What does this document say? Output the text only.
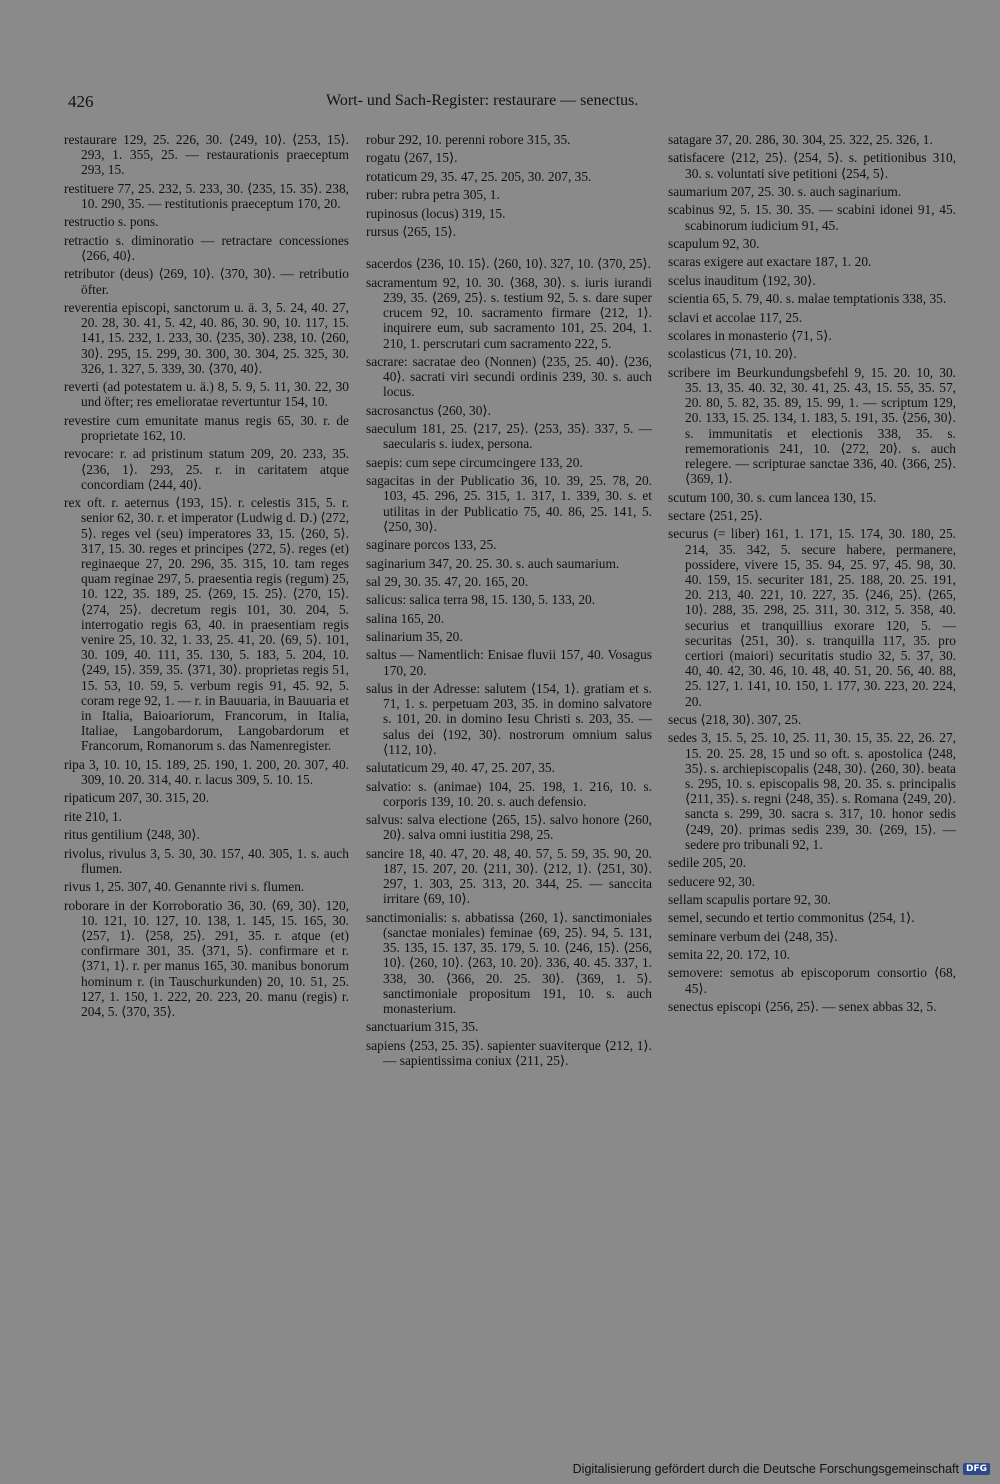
426	Wort- und Sach-Register: restaurare — senectus.
restaurare 129, 25. 226, 30. ⟨249, 10⟩. ⟨253, 15⟩. 293, 1. 355, 25. — restaurationis praeceptum 293, 15.
restituere 77, 25. 232, 5. 233, 30. ⟨235, 15. 35⟩. 238, 10. 290, 35. — restitutionis praeceptum 170, 20.
restructio s. pons.
retractio s. diminoratio — retractare concessiones ⟨266, 40⟩.
retributor (deus) ⟨269, 10⟩. ⟨370, 30⟩. — retributio öfter.
reverentia episcopi, sanctorum u. ä. 3, 5. 24, 40. 27, 20. 28, 30. 41, 5. 42, 40. 86, 30. 90, 10. 117, 15. 141, 15. 232, 1. 233, 30. ⟨235, 30⟩. 238, 10. ⟨260, 30⟩. 295, 15. 299, 30. 300, 30. 304, 25. 325, 30. 326, 1. 327, 5. 339, 30. ⟨370, 40⟩.
reverti (ad potestatem u. ä.) 8, 5. 9, 5. 11, 30. 22, 30 und öfter; res emelioratae revertuntur 154, 10.
revestire cum emunitate manus regis 65, 30. r. de proprietate 162, 10.
revocare: r. ad pristinum statum 209, 20. 233, 35. ⟨236, 1⟩. 293, 25. r. in caritatem atque concordiam ⟨244, 40⟩.
rex oft. r. aeternus ⟨193, 15⟩. r. celestis 315, 5. r. senior 62, 30. r. et imperator (Ludwig d. D.) ⟨272, 5⟩. reges vel (seu) imperatores 33, 15. ⟨260, 5⟩. 317, 15. 30. reges et principes ⟨272, 5⟩. reges (et) reginaeque 27, 20. 296, 35. 315, 10. tam reges quam reginae 297, 5. praesentia regis (regum) 25, 10. 122, 35. 189, 25. ⟨269, 15. 25⟩. ⟨270, 15⟩. ⟨274, 25⟩. decretum regis 101, 30. 204, 5. interrogatio regis 63, 40. in praesentiam regis venire 25, 10. 32, 1. 33, 25. 41, 20. ⟨69, 5⟩. 101, 30. 109, 40. 111, 35. 130, 5. 183, 5. 204, 10. ⟨249, 15⟩. 359, 35. ⟨371, 30⟩. proprietas regis 51, 15. 53, 10. 59, 5. verbum regis 91, 45. 92, 5. coram rege 92, 1. — r. in Bauuaria, in Bauuaria et in Italia, Baioariorum, Francorum, in Italia, Italiae, Langobardorum, Langobardorum et Francorum, Romanorum s. das Namenregister.
ripa 3, 10. 10, 15. 189, 25. 190, 1. 200, 20. 307, 40. 309, 10. 20. 314, 40. r. lacus 309, 5. 10. 15.
ripaticum 207, 30. 315, 20.
rite 210, 1.
ritus gentilium ⟨248, 30⟩.
rivolus, rivulus 3, 5. 30, 30. 157, 40. 305, 1. s. auch flumen.
rivus 1, 25. 307, 40. Genannte rivi s. flumen.
roborare in der Korroboratio 36, 30. ⟨69, 30⟩. 120, 10. 121, 10. 127, 10. 138, 1. 145, 15. 165, 30. ⟨257, 1⟩. ⟨258, 25⟩. 291, 35. r. atque (et) confirmare 301, 35. ⟨371, 5⟩. confirmare et r. ⟨371, 1⟩. r. per manus 165, 30. manibus bonorum hominum r. (in Tauschurkunden) 20, 10. 51, 25. 127, 1. 150, 1. 222, 20. 223, 20. manu (regis) r. 204, 5. ⟨370, 35⟩.
robur 292, 10. perenni robore 315, 35.
rogatu ⟨267, 15⟩.
rotaticum 29, 35. 47, 25. 205, 30. 207, 35.
ruber: rubra petra 305, 1.
rupinosus (locus) 319, 15.
rursus ⟨265, 15⟩.
sacerdos ⟨236, 10. 15⟩. ⟨260, 10⟩. 327, 10. ⟨370, 25⟩.
sacramentum 92, 10. 30. ⟨368, 30⟩. s. iuris iurandi 239, 35. ⟨269, 25⟩. s. testium 92, 5. s. dare super crucem 92, 10. sacramento firmare ⟨212, 1⟩. inquirere eum, sub sacramento 101, 25. 204, 1. 210, 1. perscrutari cum sacramento 222, 5.
sacrare: sacratae deo (Nonnen) ⟨235, 25. 40⟩. ⟨236, 40⟩. sacrati viri secundi ordinis 239, 30. s. auch locus.
sacrosanctus ⟨260, 30⟩.
saeculum 181, 25. ⟨217, 25⟩. ⟨253, 35⟩. 337, 5. — saecularis s. iudex, persona.
saepis: cum sepe circumcingere 133, 20.
sagacitas in der Publicatio 36, 10. 39, 25. 78, 20. 103, 45. 296, 25. 315, 1. 317, 1. 339, 30. s. et utilitas in der Publicatio 75, 40. 86, 25. 141, 5. ⟨250, 30⟩.
saginare porcos 133, 25.
saginarium 347, 20. 25. 30. s. auch saumarium.
sal 29, 30. 35. 47, 20. 165, 20.
salicus: salica terra 98, 15. 130, 5. 133, 20.
salina 165, 20.
salinarium 35, 20.
saltus — Namentlich: Enisae fluvii 157, 40. Vosagus 170, 20.
salus in der Adresse: salutem ⟨154, 1⟩. gratiam et s. 71, 1. s. perpetuam 203, 35. in domino salvatore s. 101, 20. in domino Iesu Christi s. 203, 35. — salus dei ⟨192, 30⟩. nostrorum omnium salus ⟨112, 10⟩.
salutaticum 29, 40. 47, 25. 207, 35.
salvatio: s. (animae) 104, 25. 198, 1. 216, 10. s. corporis 139, 10. 20. s. auch defensio.
salvus: salva electione ⟨265, 15⟩. salvo honore ⟨260, 20⟩. salva omni iustitia 298, 25.
sancire 18, 40. 47, 20. 48, 40. 57, 5. 59, 35. 90, 20. 187, 15. 207, 20. ⟨211, 30⟩. ⟨212, 1⟩. ⟨251, 30⟩. 297, 1. 303, 25. 313, 20. 344, 25. — sanccita irritare ⟨69, 10⟩.
sanctimonialis: s. abbatissa ⟨260, 1⟩. sanctimoniales (sanctae moniales) feminae ⟨69, 25⟩. 94, 5. 131, 35. 135, 15. 137, 35. 179, 5. 10. ⟨246, 15⟩. ⟨256, 10⟩. ⟨260, 10⟩. ⟨263, 10. 20⟩. 336, 40. 45. 337, 1. 338, 30. ⟨366, 20. 25. 30⟩. ⟨369, 1. 5⟩. sanctimoniale propositum 191, 10. s. auch monasterium.
sanctuarium 315, 35.
sapiens ⟨253, 25. 35⟩. sapienter suaviterque ⟨212, 1⟩. — sapientissima coniux ⟨211, 25⟩.
satagare 37, 20. 286, 30. 304, 25. 322, 25. 326, 1.
satisfacere ⟨212, 25⟩. ⟨254, 5⟩. s. petitionibus 310, 30. s. voluntati sive petitioni ⟨254, 5⟩.
saumarium 207, 25. 30. s. auch saginarium.
scabinus 92, 5. 15. 30. 35. — scabini idonei 91, 45. scabinorum iudicium 91, 45.
scapulum 92, 30.
scaras exigere aut exactare 187, 1. 20.
scelus inauditum ⟨192, 30⟩.
scientia 65, 5. 79, 40. s. malae temptationis 338, 35.
sclavi et accolae 117, 25.
scolares in monasterio ⟨71, 5⟩.
scolasticus ⟨71, 10. 20⟩.
scribere im Beurkundungsbefehl 9, 15. 20. 10, 30. 35. 13, 35. 40. 32, 30. 41, 25. 43, 15. 55, 35. 57, 20. 80, 5. 82, 35. 89, 15. 99, 1. — scriptum 129, 20. 133, 15. 25. 134, 1. 183, 5. 191, 35. ⟨256, 30⟩. s. immunitatis et electionis 338, 35. s. rememorationis 241, 10. ⟨272, 20⟩. s. auch relegere. — scripturae sanctae 336, 40. ⟨366, 25⟩. ⟨369, 1⟩.
scutum 100, 30. s. cum lancea 130, 15.
sectare ⟨251, 25⟩.
securus (= liber) 161, 1. 171, 15. 174, 30. 180, 25. 214, 35. 342, 5. secure habere, permanere, possidere, vivere 15, 35. 94, 25. 97, 45. 98, 30. 40. 159, 15. securiter 181, 25. 188, 20. 25. 191, 20. 213, 40. 221, 10. 227, 35. ⟨246, 25⟩. ⟨265, 10⟩. 288, 35. 298, 25. 311, 30. 312, 5. 358, 40. securius et tranquillius exorare 120, 5. — securitas ⟨251, 30⟩. s. tranquilla 117, 35. pro certiori (maiori) securitatis studio 32, 5. 37, 30. 40, 40. 42, 30. 46, 10. 48, 40. 51, 20. 56, 40. 88, 25. 127, 1. 141, 10. 150, 1. 177, 30. 223, 20. 224, 20.
secus ⟨218, 30⟩. 307, 25.
sedes 3, 15. 5, 25. 10, 25. 11, 30. 15, 35. 22, 26. 27, 15. 20. 25. 28, 15 und so oft. s. apostolica ⟨248, 35⟩. s. archiepiscopalis ⟨248, 30⟩. ⟨260, 30⟩. beata s. 295, 10. s. episcopalis 98, 20. 35. s. principalis ⟨211, 35⟩. s. regni ⟨248, 35⟩. s. Romana ⟨249, 20⟩. sancta s. 299, 30. sacra s. 317, 10. honor sedis ⟨249, 20⟩. primas sedis 239, 30. ⟨269, 15⟩. — sedere pro tribunali 92, 1.
sedile 205, 20.
seducere 92, 30.
sellam scapulis portare 92, 30.
semel, secundo et tertio commonitus ⟨254, 1⟩.
seminare verbum dei ⟨248, 35⟩.
semita 22, 20. 172, 10.
semovere: semotus ab episcoporum consortio ⟨68, 45⟩.
senectus episcopi ⟨256, 25⟩. — senex abbas 32, 5.
Digitalisierung gefördert durch die Deutsche Forschungsgemeinschaft DFG
